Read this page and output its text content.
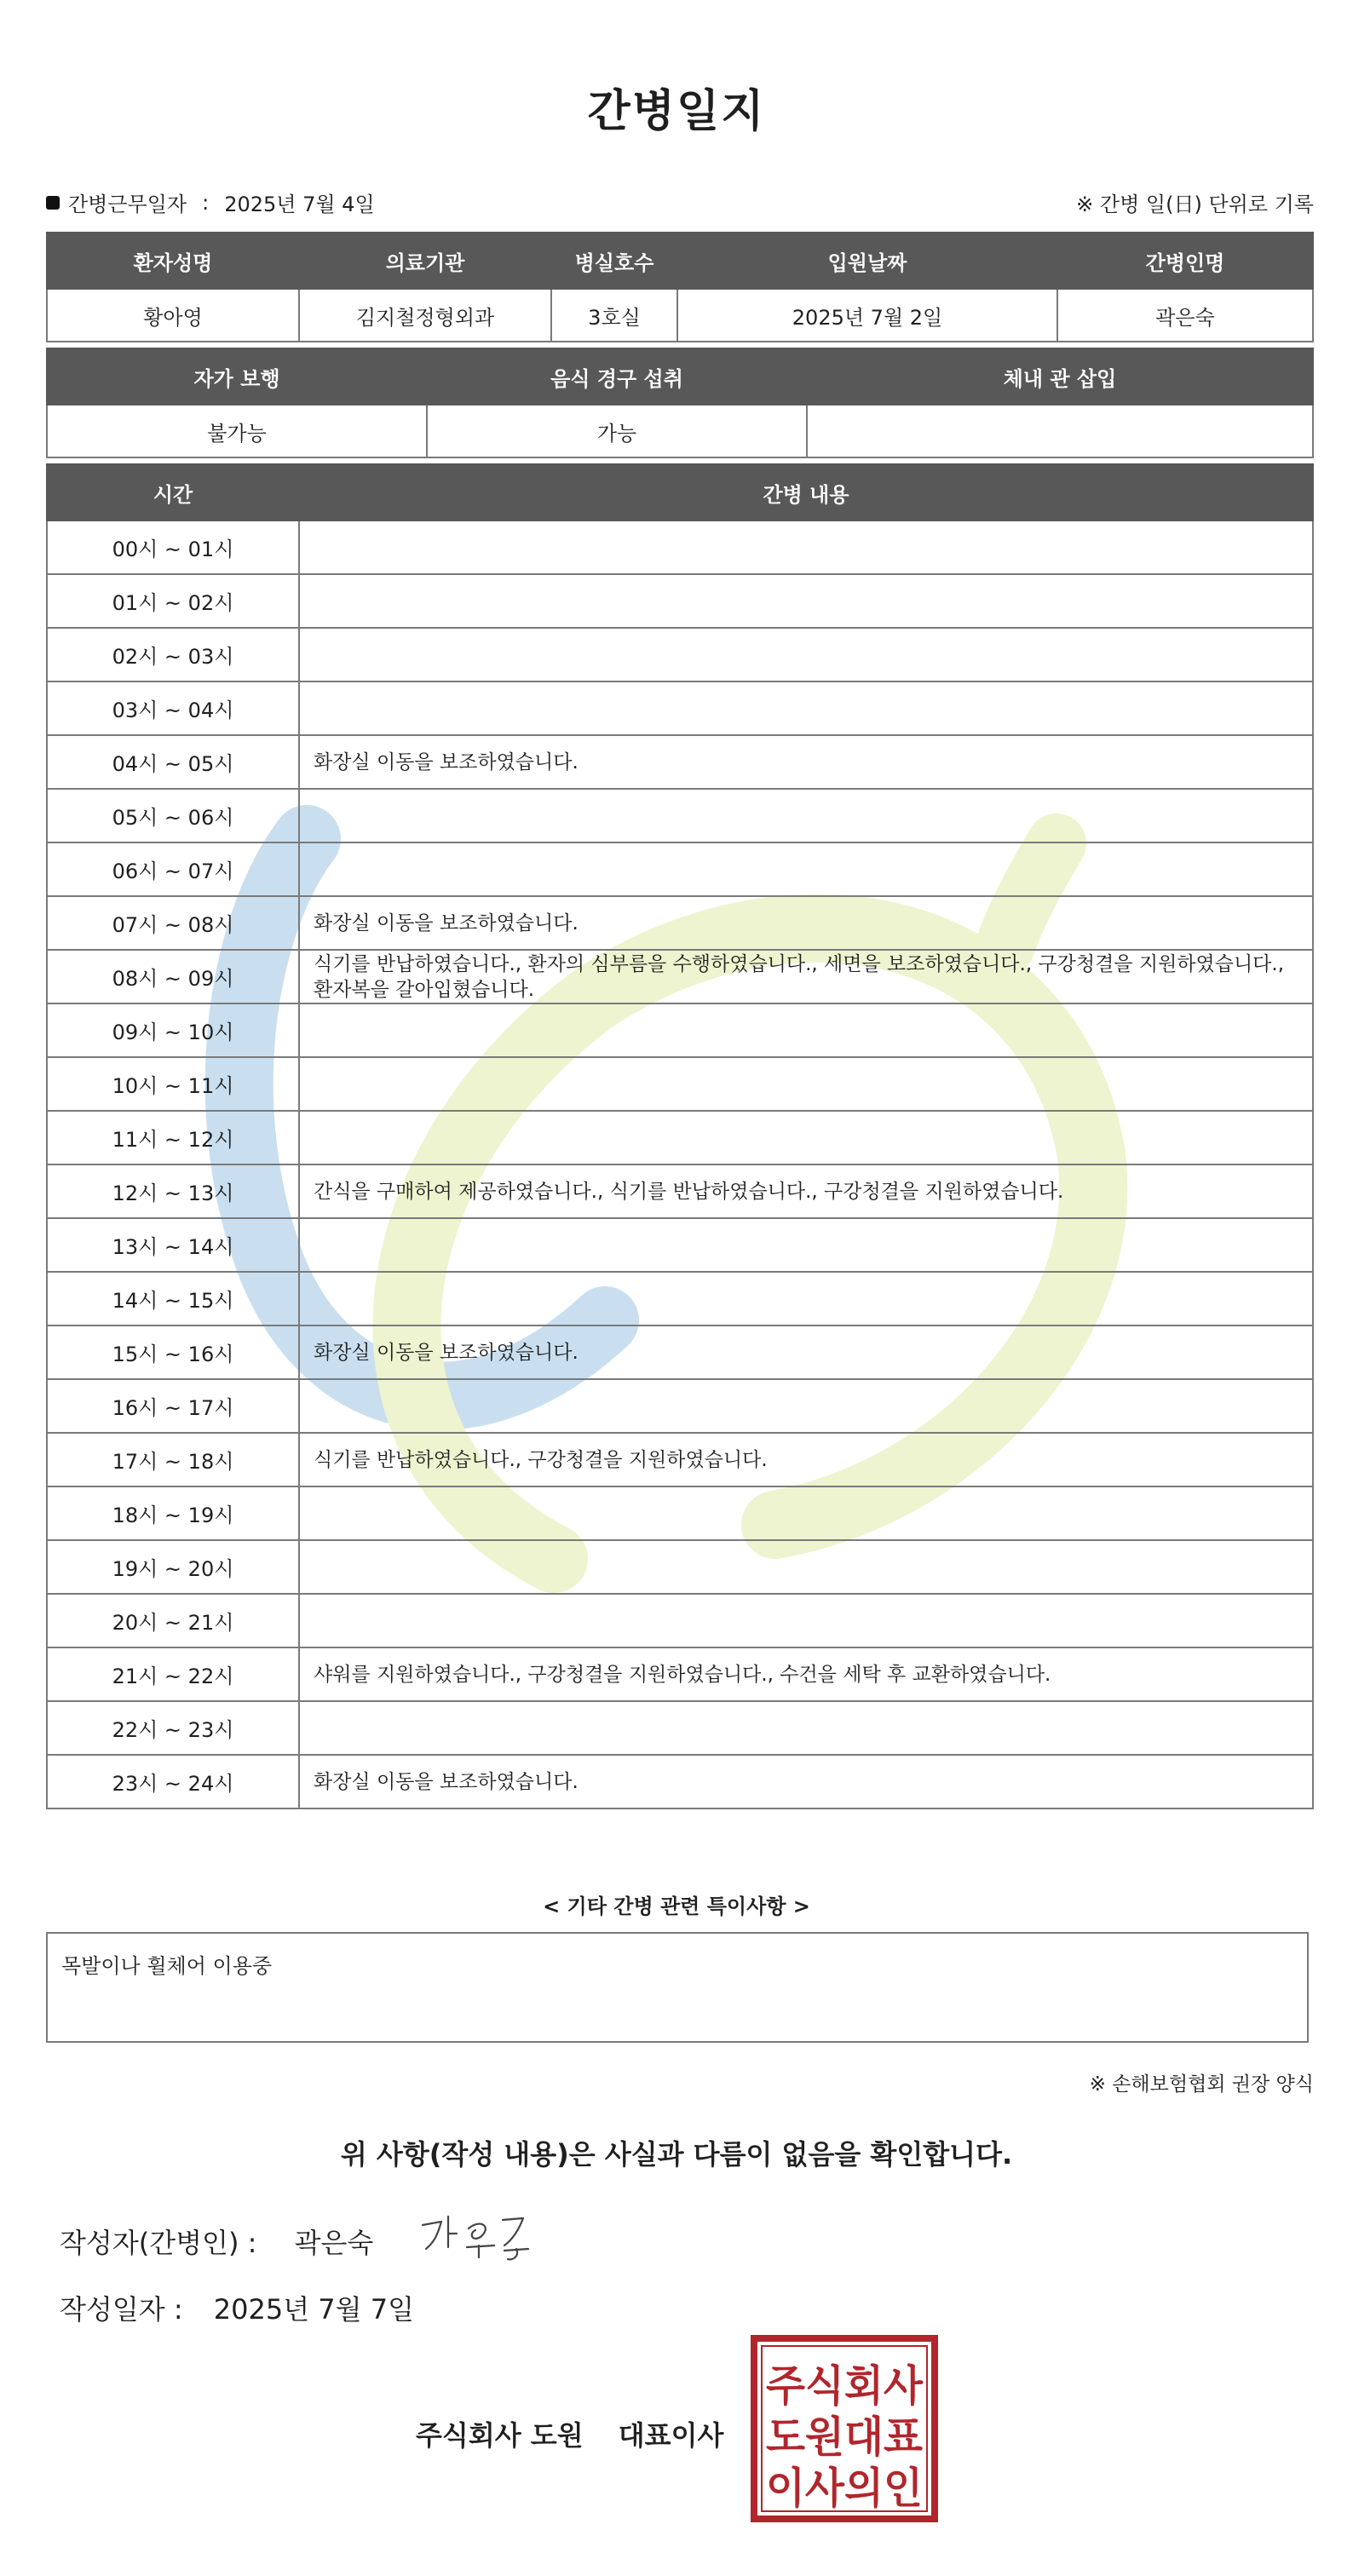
간병일지
간병근무일자 : 2025년 7월 4일	※ 간병 일(日) 단위로 기록
환자성명	의료기관	병실호수	입원날짜	간병인명
황아영	김지철정형외과	3호실	2025년 7월 2일	곽은숙
자가 보행	음식 경구 섭취	체내 관 삽입
불가능	가능	
시간	간병 내용
00시 ~ 01시	
01시 ~ 02시	
02시 ~ 03시	
03시 ~ 04시	
04시 ~ 05시	화장실 이동을 보조하였습니다.
05시 ~ 06시	
06시 ~ 07시	
07시 ~ 08시	화장실 이동을 보조하였습니다.
08시 ~ 09시	식기를 반납하였습니다., 환자의 심부름을 수행하였습니다., 세면을 보조하였습니다., 구강청결을 지원하였습니다., 환자복을 갈아입혔습니다.
09시 ~ 10시	
10시 ~ 11시	
11시 ~ 12시	
12시 ~ 13시	간식을 구매하여 제공하였습니다., 식기를 반납하였습니다., 구강청결을 지원하였습니다.
13시 ~ 14시	
14시 ~ 15시	
15시 ~ 16시	화장실 이동을 보조하였습니다.
16시 ~ 17시	
17시 ~ 18시	식기를 반납하였습니다., 구강청결을 지원하였습니다.
18시 ~ 19시	
19시 ~ 20시	
20시 ~ 21시	
21시 ~ 22시	샤워를 지원하였습니다., 구강청결을 지원하였습니다., 수건을 세탁 후 교환하였습니다.
22시 ~ 23시	
23시 ~ 24시	화장실 이동을 보조하였습니다.
< 기타 간병 관련 특이사항 >
목발이나 휠체어 이용중
※ 손해보험협회 권장 양식
위 사항(작성 내용)은 사실과 다름이 없음을 확인합니다.
작성자(간병인) : 곽은숙
작성일자 : 2025년 7월 7일
주식회사 도원 대표이사
주식회사
도원대표
이사의인
